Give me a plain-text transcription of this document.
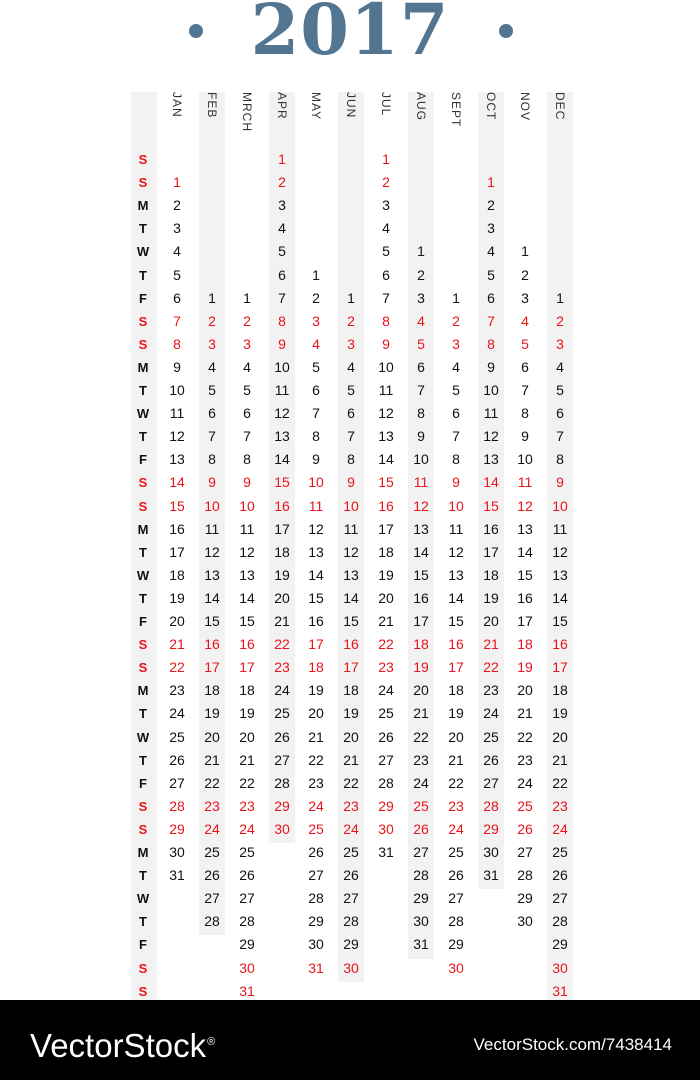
2017
JAN
1
2
3
4
5
6
7
8
9
10
11
12
13
14
15
16
17
18
19
20
21
22
23
24
25
26
27
28
29
30
31
FEB
1
2
3
4
5
6
7
8
9
10
11
12
13
14
15
16
17
18
19
20
21
22
23
24
25
26
27
28
MRCH
1
2
3
4
5
6
7
8
9
10
11
12
13
14
15
16
17
18
19
20
21
22
23
24
25
26
27
28
29
30
31
APR
1
2
3
4
5
6
7
8
9
10
11
12
13
14
15
16
17
18
19
20
21
22
23
24
25
26
27
28
29
30
MAY
1
2
3
4
5
6
7
8
9
10
11
12
13
14
15
16
17
18
19
20
21
22
23
24
25
26
27
28
29
30
31
JUN
1
2
3
4
5
6
7
8
9
10
11
12
13
14
15
16
17
18
19
20
21
22
23
24
25
26
27
28
29
30
JUL
1
2
3
4
5
6
7
8
9
10
11
12
13
14
15
16
17
18
19
20
21
22
23
24
25
26
27
28
29
30
31
AUG
1
2
3
4
5
6
7
8
9
10
11
12
13
14
15
16
17
18
19
20
21
22
23
24
25
26
27
28
29
30
31
SEPT
1
2
3
4
5
6
7
8
9
10
11
12
13
14
15
16
17
18
19
20
21
22
23
24
25
26
27
28
29
30
OCT
1
2
3
4
5
6
7
8
9
10
11
12
13
14
15
16
17
18
19
20
21
22
23
24
25
26
27
28
29
30
31
NOV
1
2
3
4
5
6
7
8
9
10
11
12
13
14
15
16
17
18
19
20
21
22
23
24
25
26
27
28
29
30
DEC
1
2
3
4
5
6
7
8
9
10
11
12
13
14
15
16
17
18
19
20
21
22
23
24
25
26
27
28
29
30
31
S
S
M
T
W
T
F
S
S
M
T
W
T
F
S
S
M
T
W
T
F
S
S
M
T
W
T
F
S
S
M
T
W
T
F
S
S
VectorStock®	VectorStock.com/7438414
